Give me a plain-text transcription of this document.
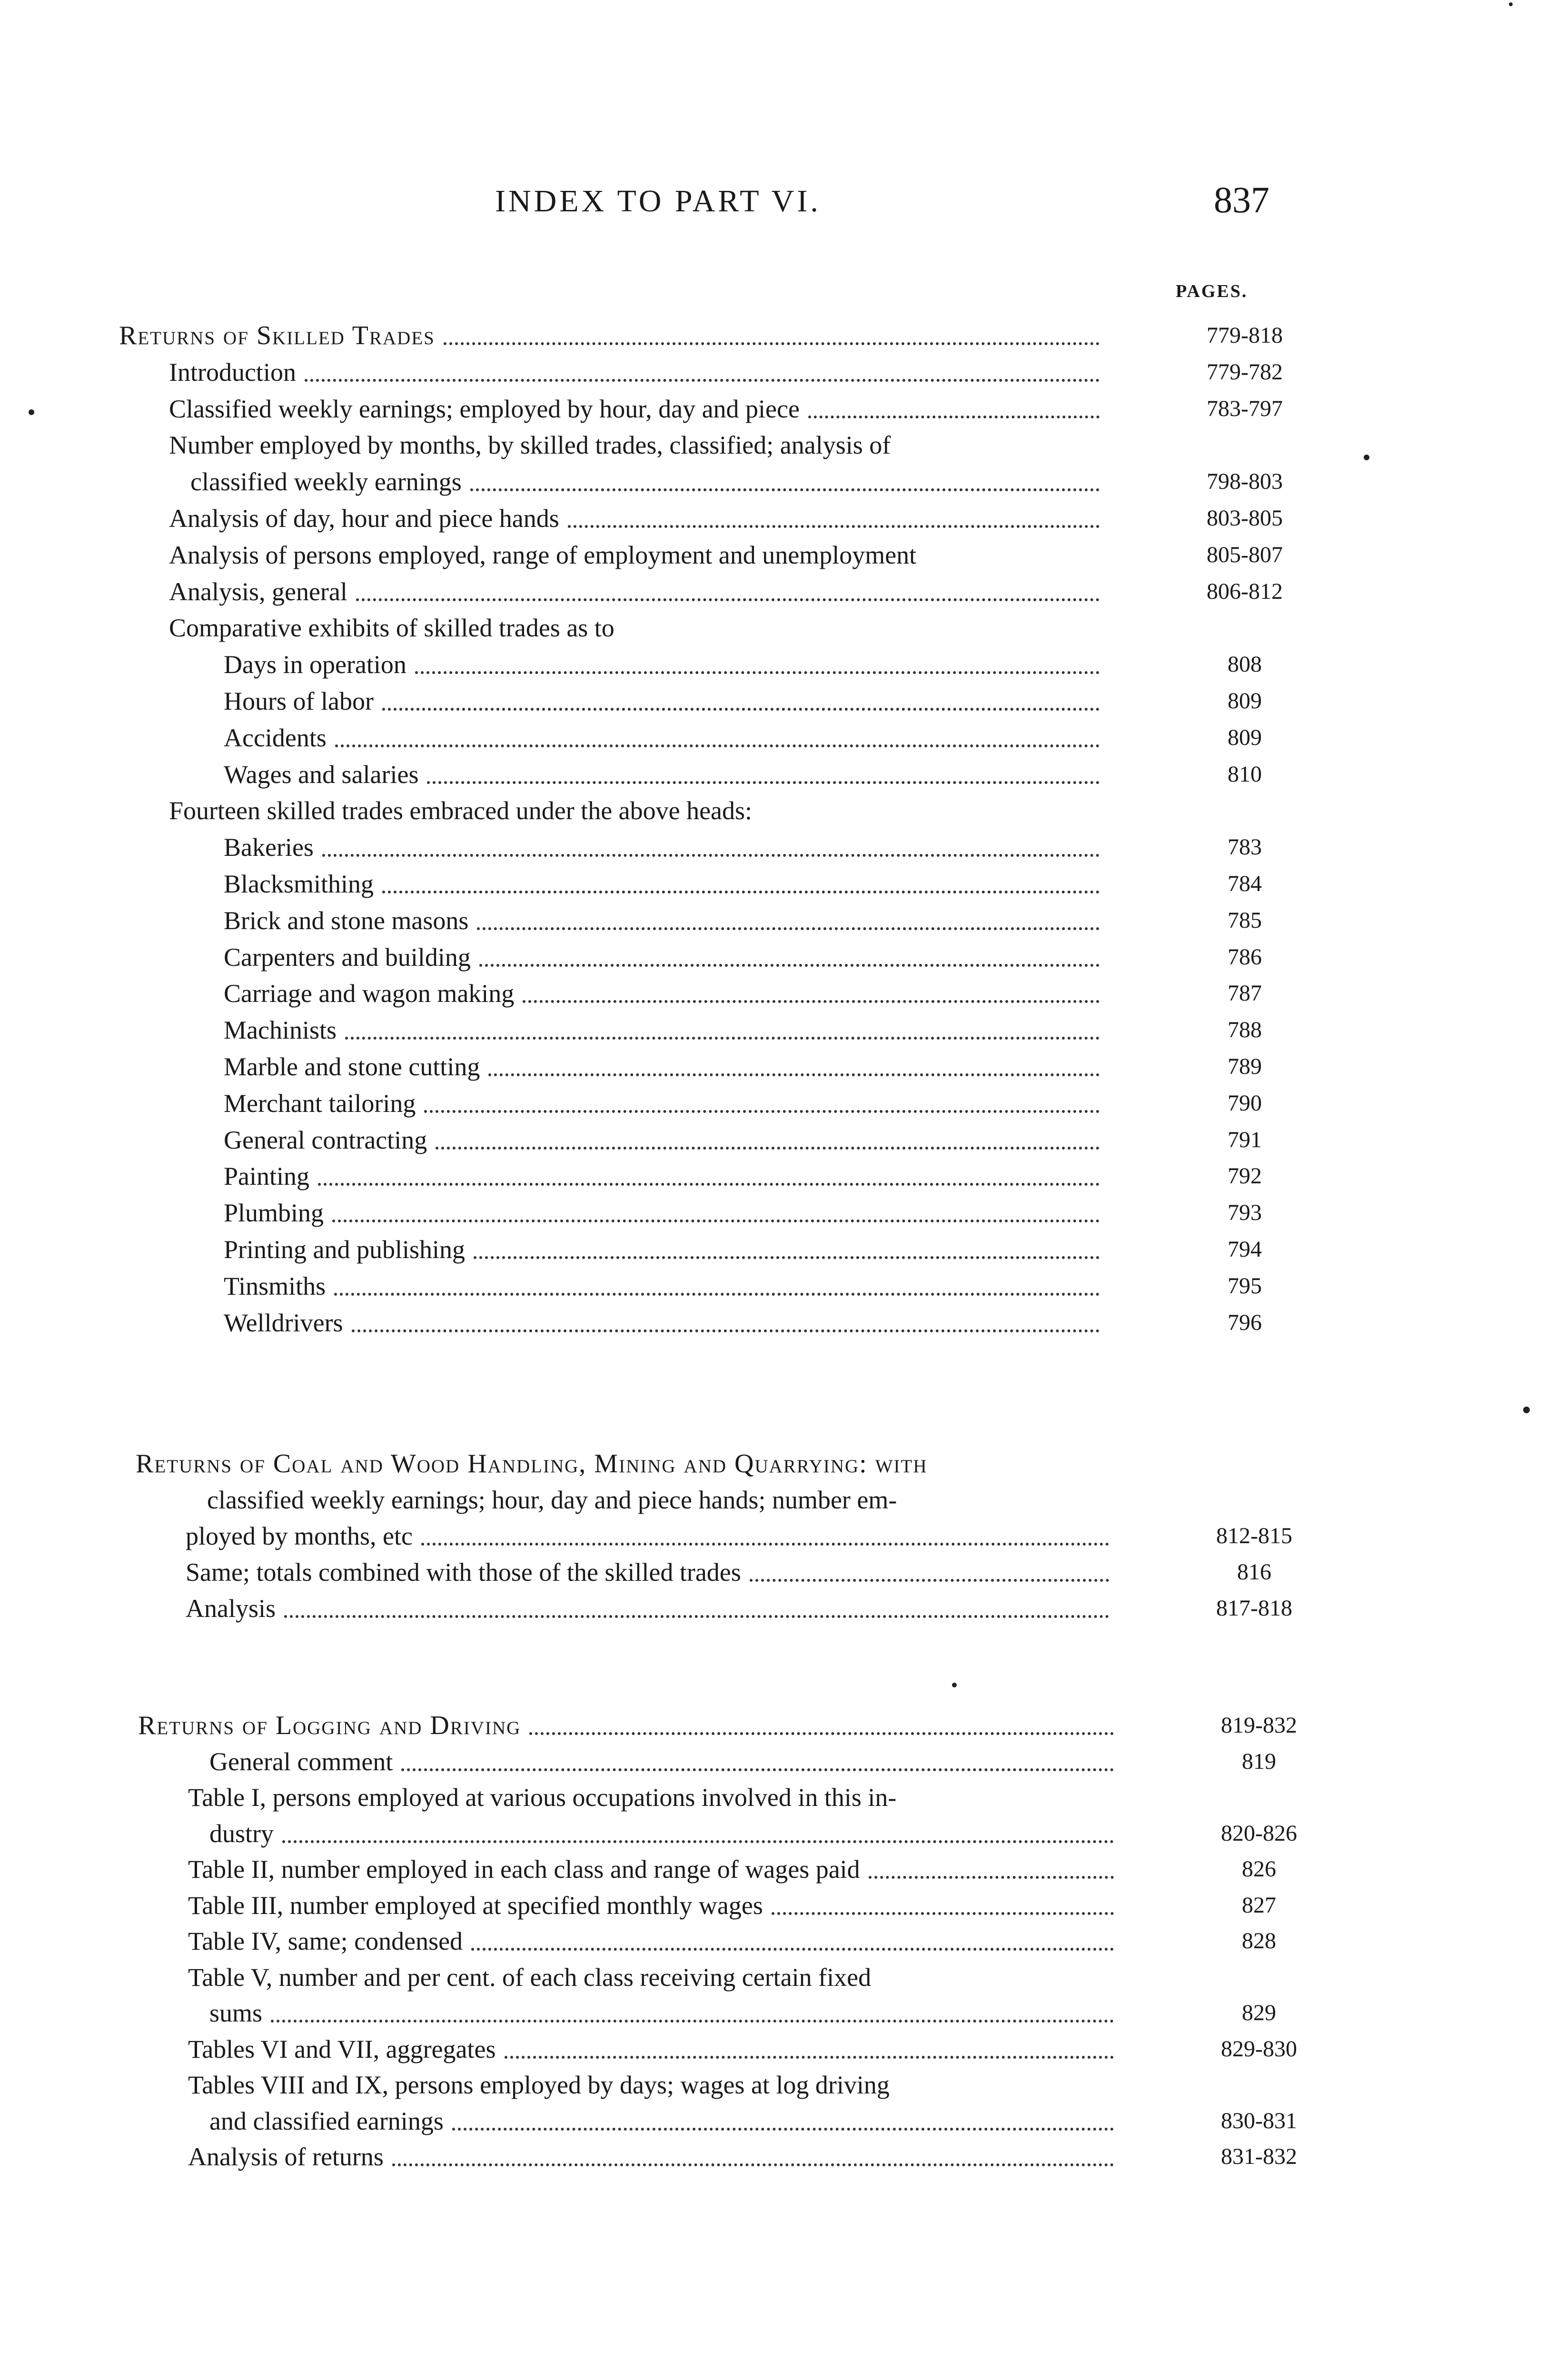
INDEX TO PART VI.	837
PAGES.
Returns of Skilled Trades	779-818
Introduction	779-782
Classified weekly earnings; employed by hour, day and piece	783-797
Number employed by months, by skilled trades, classified; analysis of
classified weekly earnings	798-803
Analysis of day, hour and piece hands	803-805
Analysis of persons employed, range of employment and unemployment	805-807
Analysis, general	806-812
Comparative exhibits of skilled trades as to
Days in operation	808
Hours of labor	809
Accidents	809
Wages and salaries	810
Fourteen skilled trades embraced under the above heads:
Bakeries	783
Blacksmithing	784
Brick and stone masons	785
Carpenters and building	786
Carriage and wagon making	787
Machinists	788
Marble and stone cutting	789
Merchant tailoring	790
General contracting	791
Painting	792
Plumbing	793
Printing and publishing	794
Tinsmiths	795
Welldrivers	796
Returns of Coal and Wood Handling, Mining and Quarrying: with
classified weekly earnings; hour, day and piece hands; number em-
ployed by months, etc	812-815
Same; totals combined with those of the skilled trades	816
Analysis	817-818
Returns of Logging and Driving	819-832
General comment	819
Table I, persons employed at various occupations involved in this in-
dustry	820-826
Table II, number employed in each class and range of wages paid	826
Table III, number employed at specified monthly wages	827
Table IV, same; condensed	828
Table V, number and per cent. of each class receiving certain fixed
sums	829
Tables VI and VII, aggregates	829-830
Tables VIII and IX, persons employed by days; wages at log driving
and classified earnings	830-831
Analysis of returns	831-832
